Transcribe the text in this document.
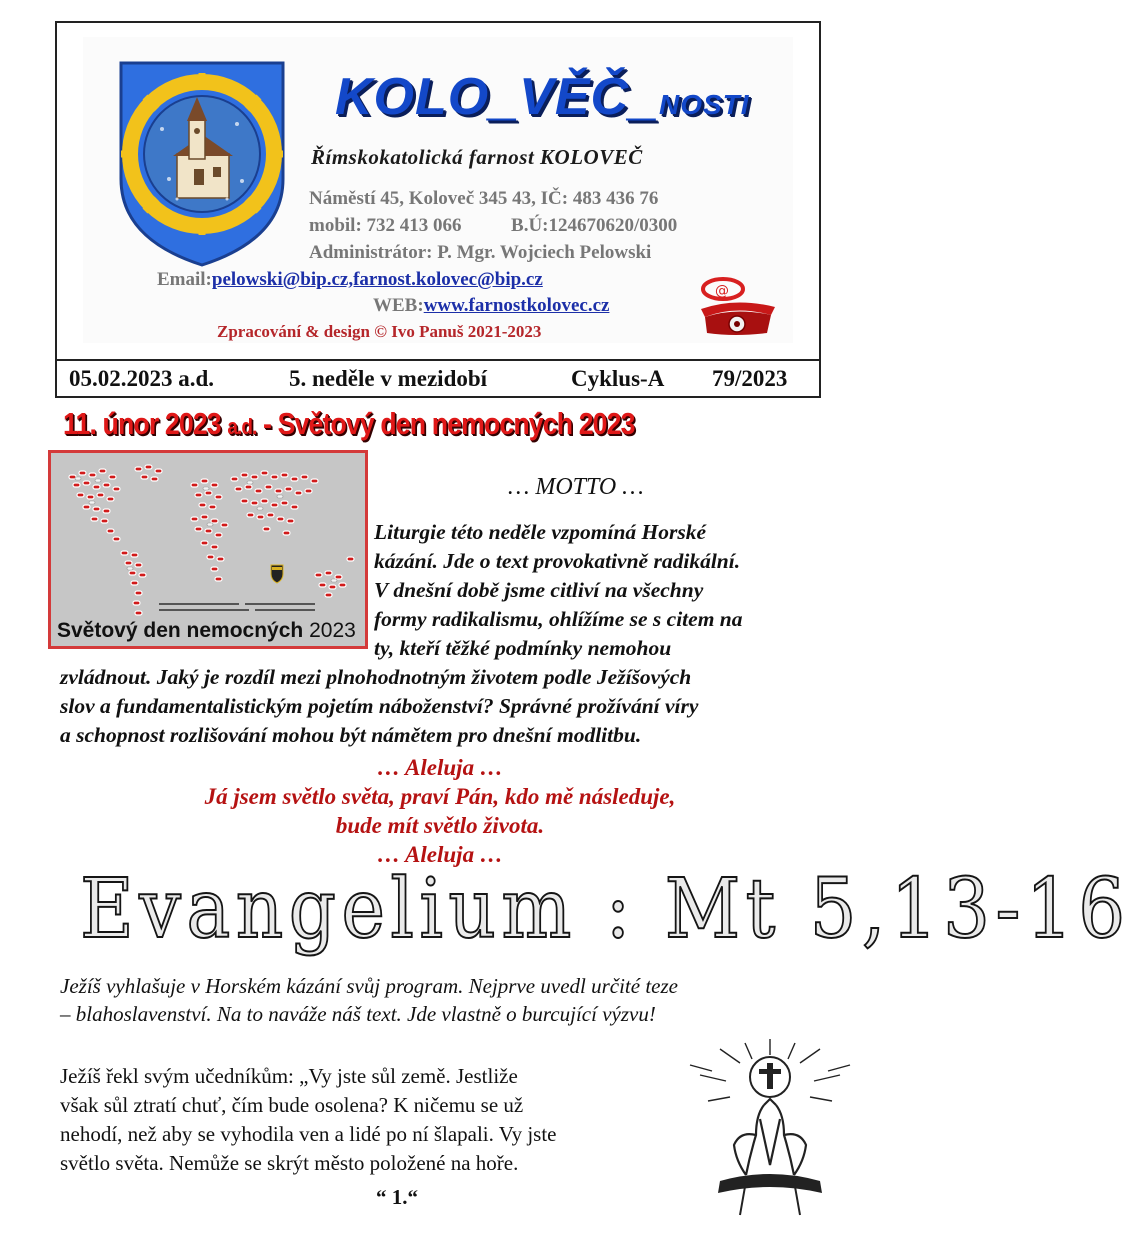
KOLO_VĚČ_NOSTI
Římskokatolická farnost KOLOVEČ
Náměstí 45, Koloveč 345 43, IČ: 483 436 76
mobil: 732 413 066	B.Ú:124670620/0300
Administrátor: P. Mgr. Wojciech Pelowski
Email:pelowski@bip.cz,farnost.kolovec@bip.cz
WEB:www.farnostkolovec.cz
Zpracování & design © Ivo Panuš 2021-2023
@
05.02.2023 a.d.	5. neděle v mezidobí	Cyklus-A 79/2023
11. únor 2023 a.d. - Světový den nemocných 2023
Světový den nemocných 2023
… MOTTO …
Liturgie této neděle vzpomíná Horské
kázání. Jde o text provokativně radikální.
V dnešní době jsme citliví na všechny
formy radikalismu, ohlížíme se s citem na
ty, kteří těžké podmínky nemohou
zvládnout. Jaký je rozdíl mezi plnohodnotným životem podle Ježíšových
slov a fundamentalistickým pojetím náboženství? Správné prožívání víry
a schopnost rozlišování mohou být námětem pro dnešní modlitbu.
… Aleluja …
Já jsem světlo světa, praví Pán, kdo mě následuje,
bude mít světlo života.
… Aleluja …
Evangelium : Mt 5,13-16
Ježíš vyhlašuje v Horském kázání svůj program. Nejprve uvedl určité teze
– blahoslavenství. Na to naváže náš text. Jde vlastně o burcující výzvu!
Ježíš řekl svým učedníkům: „Vy jste sůl země. Jestliže
však sůl ztratí chuť, čím bude osolena? K ničemu se už
nehodí, než aby se vyhodila ven a lidé po ní šlapali. Vy jste
světlo světa. Nemůže se skrýt město položené na hoře.
“ 1.“
